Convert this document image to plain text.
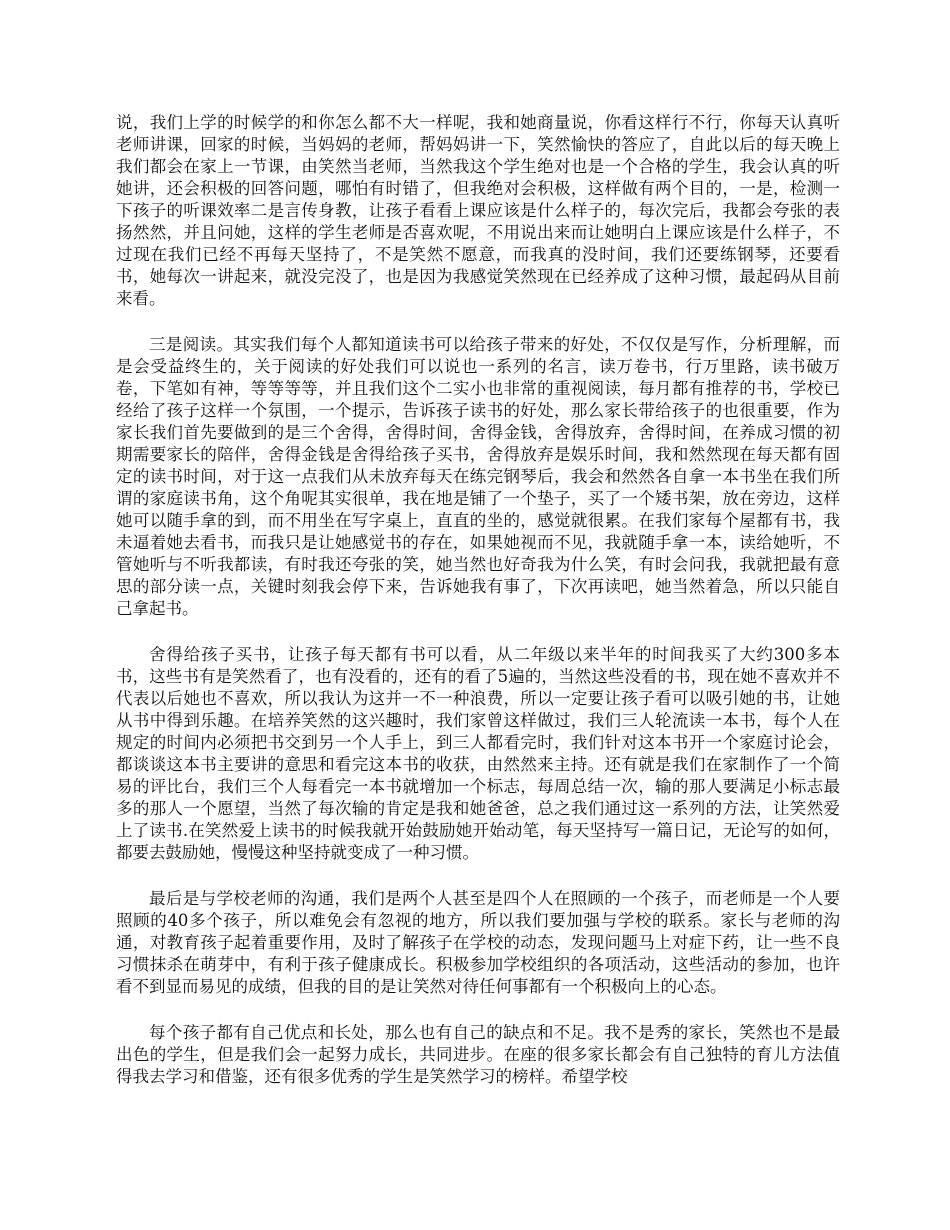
说，我们上学的时候学的和你怎么都不大一样呢，我和她商量说，你看这样行不行，你每天认真听老师讲课，回家的时候，当妈妈的老师，帮妈妈讲一下，笑然愉快的答应了，自此以后的每天晚上我们都会在家上一节课，由笑然当老师，当然我这个学生绝对也是一个合格的学生，我会认真的听她讲，还会积极的回答问题，哪怕有时错了，但我绝对会积极，这样做有两个目的，一是，检测一下孩子的听课效率二是言传身教，让孩子看看上课应该是什么样子的，每次完后，我都会夸张的表扬然然，并且问她，这样的学生老师是否喜欢呢，不用说出来而让她明白上课应该是什么样子，不过现在我们已经不再每天坚持了，不是笑然不愿意，而我真的没时间，我们还要练钢琴，还要看书，她每次一讲起来，就没完没了，也是因为我感觉笑然现在已经养成了这种习惯，最起码从目前来看。

三是阅读。其实我们每个人都知道读书可以给孩子带来的好处，不仅仅是写作，分析理解，而是会受益终生的，关于阅读的好处我们可以说也一系列的名言，读万卷书，行万里路，读书破万卷，下笔如有神，等等等等，并且我们这个二实小也非常的重视阅读，每月都有推荐的书，学校已经给了孩子这样一个氛围，一个提示，告诉孩子读书的好处，那么家长带给孩子的也很重要，作为家长我们首先要做到的是三个舍得，舍得时间，舍得金钱，舍得放弃，舍得时间，在养成习惯的初期需要家长的陪伴，舍得金钱是舍得给孩子买书，舍得放弃是娱乐时间，我和然然现在每天都有固定的读书时间，对于这一点我们从未放弃每天在练完钢琴后，我会和然然各自拿一本书坐在我们所谓的家庭读书角，这个角呢其实很单，我在地是铺了一个垫子，买了一个矮书架，放在旁边，这样她可以随手拿的到，而不用坐在写字桌上，直直的坐的，感觉就很累。在我们家每个屋都有书，我未逼着她去看书，而我只是让她感觉书的存在，如果她视而不见，我就随手拿一本，读给她听，不管她听与不听我都读，有时我还夸张的笑，她当然也好奇我为什么笑，有时会问我，我就把最有意思的部分读一点，关键时刻我会停下来，告诉她我有事了，下次再读吧，她当然着急，所以只能自己拿起书。

舍得给孩子买书，让孩子每天都有书可以看，从二年级以来半年的时间我买了大约300多本书，这些书有是笑然看了，也有没看的，还有的看了5遍的，当然这些没看的书，现在她不喜欢并不代表以后她也不喜欢，所以我认为这并一不一种浪费，所以一定要让孩子看可以吸引她的书，让她从书中得到乐趣。在培养笑然的这兴趣时，我们家曾这样做过，我们三人轮流读一本书，每个人在规定的时间内必须把书交到另一个人手上，到三人都看完时，我们针对这本书开一个家庭讨论会，都谈谈这本书主要讲的意思和看完这本书的收获，由然然来主持。还有就是我们在家制作了一个简易的评比台，我们三个人每看完一本书就增加一个标志，每周总结一次，输的那人要满足小标志最多的那人一个愿望，当然了每次输的肯定是我和她爸爸，总之我们通过这一系列的方法，让笑然爱上了读书.在笑然爱上读书的时候我就开始鼓励她开始动笔，每天坚持写一篇日记，无论写的如何，都要去鼓励她，慢慢这种坚持就变成了一种习惯。

最后是与学校老师的沟通，我们是两个人甚至是四个人在照顾的一个孩子，而老师是一个人要照顾的40多个孩子，所以难免会有忽视的地方，所以我们要加强与学校的联系。家长与老师的沟通，对教育孩子起着重要作用，及时了解孩子在学校的动态，发现问题马上对症下药，让一些不良习惯抹杀在萌芽中，有利于孩子健康成长。积极参加学校组织的各项活动，这些活动的参加，也许看不到显而易见的成绩，但我的目的是让笑然对待任何事都有一个积极向上的心态。

每个孩子都有自己优点和长处，那么也有自己的缺点和不足。我不是秀的家长，笑然也不是最出色的学生，但是我们会一起努力成长，共同进步。在座的很多家长都会有自己独特的育儿方法值得我去学习和借鉴，还有很多优秀的学生是笑然学习的榜样。希望学校
